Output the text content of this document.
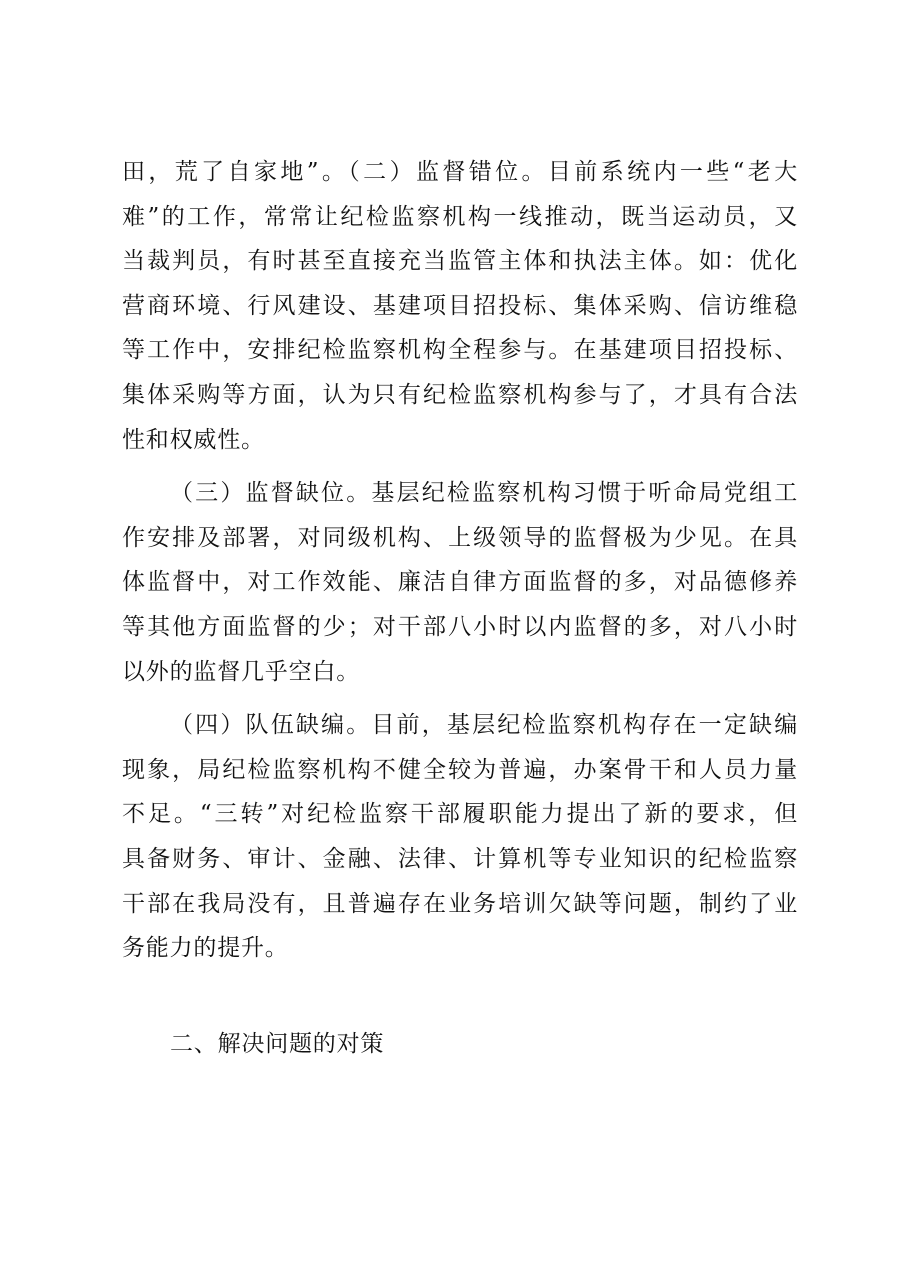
田，荒了自家地”。（二）监督错位。目前系统内一些“老大
难”的工作，常常让纪检监察机构一线推动，既当运动员，又
当裁判员，有时甚至直接充当监管主体和执法主体。如：优化
营商环境、行风建设、基建项目招投标、集体采购、信访维稳
等工作中，安排纪检监察机构全程参与。在基建项目招投标、
集体采购等方面，认为只有纪检监察机构参与了，才具有合法
性和权威性。
（三）监督缺位。基层纪检监察机构习惯于听命局党组工
作安排及部署，对同级机构、上级领导的监督极为少见。在具
体监督中，对工作效能、廉洁自律方面监督的多，对品德修养
等其他方面监督的少；对干部八小时以内监督的多，对八小时
以外的监督几乎空白。
（四）队伍缺编。目前，基层纪检监察机构存在一定缺编
现象，局纪检监察机构不健全较为普遍，办案骨干和人员力量
不足。“三转”对纪检监察干部履职能力提出了新的要求，但
具备财务、审计、金融、法律、计算机等专业知识的纪检监察
干部在我局没有，且普遍存在业务培训欠缺等问题，制约了业
务能力的提升。
二、解决问题的对策
